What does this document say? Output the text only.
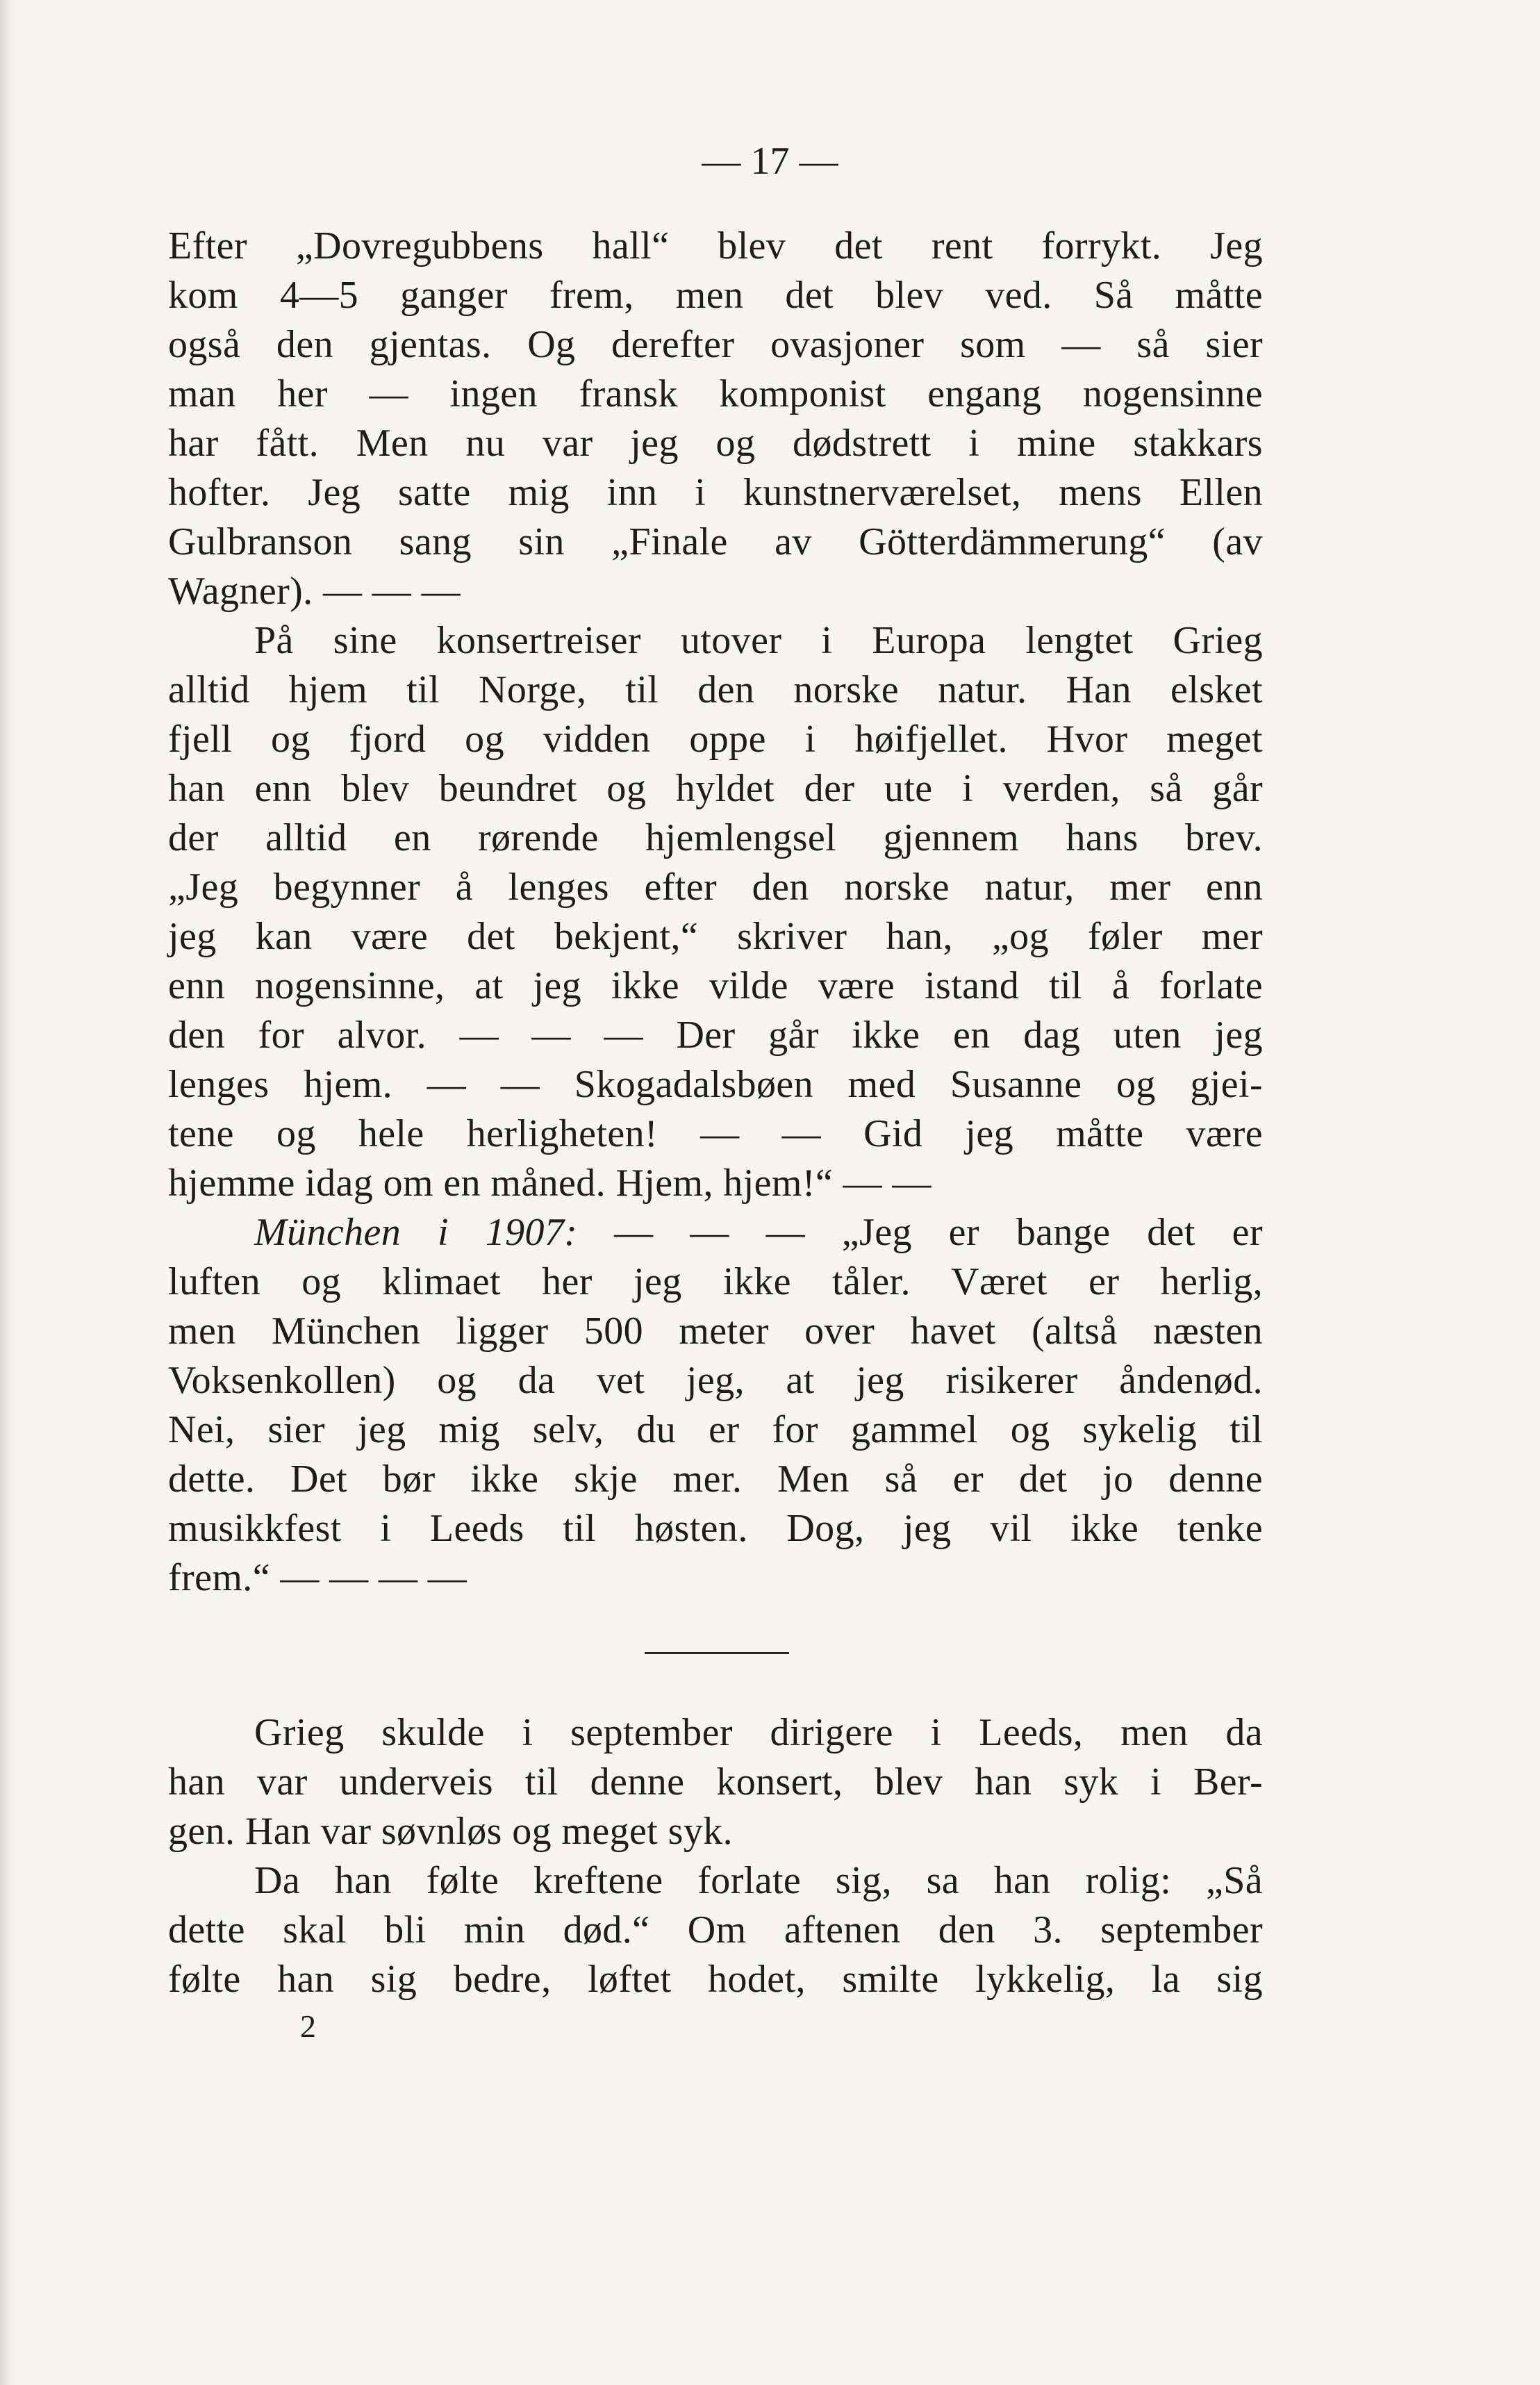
— 17 —
Efter „Dovregubbens hall“ blev det rent forrykt. Jeg
kom 4—5 ganger frem, men det blev ved. Så måtte
også den gjentas. Og derefter ovasjoner som — så sier
man her — ingen fransk komponist engang nogensinne
har fått. Men nu var jeg og dødstrett i mine stakkars
hofter. Jeg satte mig inn i kunstnerværelset, mens Ellen
Gulbranson sang sin „Finale av Götterdämmerung“ (av
Wagner). — — —
På sine konsertreiser utover i Europa lengtet Grieg
alltid hjem til Norge, til den norske natur. Han elsket
fjell og fjord og vidden oppe i høifjellet. Hvor meget
han enn blev beundret og hyldet der ute i verden, så går
der alltid en rørende hjemlengsel gjennem hans brev.
„Jeg begynner å lenges efter den norske natur, mer enn
jeg kan være det bekjent,“ skriver han, „og føler mer
enn nogensinne, at jeg ikke vilde være istand til å forlate
den for alvor. — — — Der går ikke en dag uten jeg
lenges hjem. — — Skogadalsbøen med Susanne og gjei-
tene og hele herligheten! — — Gid jeg måtte være
hjemme idag om en måned. Hjem, hjem!“ — —
München i 1907: — — — „Jeg er bange det er
luften og klimaet her jeg ikke tåler. Været er herlig,
men München ligger 500 meter over havet (altså næsten
Voksenkollen) og da vet jeg, at jeg risikerer åndenød.
Nei, sier jeg mig selv, du er for gammel og sykelig til
dette. Det bør ikke skje mer. Men så er det jo denne
musikkfest i Leeds til høsten. Dog, jeg vil ikke tenke
frem.“ — — — —
Grieg skulde i september dirigere i Leeds, men da
han var underveis til denne konsert, blev han syk i Ber-
gen. Han var søvnløs og meget syk.
Da han følte kreftene forlate sig, sa han rolig: „Så
dette skal bli min død.“ Om aftenen den 3. september
følte han sig bedre, løftet hodet, smilte lykkelig, la sig
2
